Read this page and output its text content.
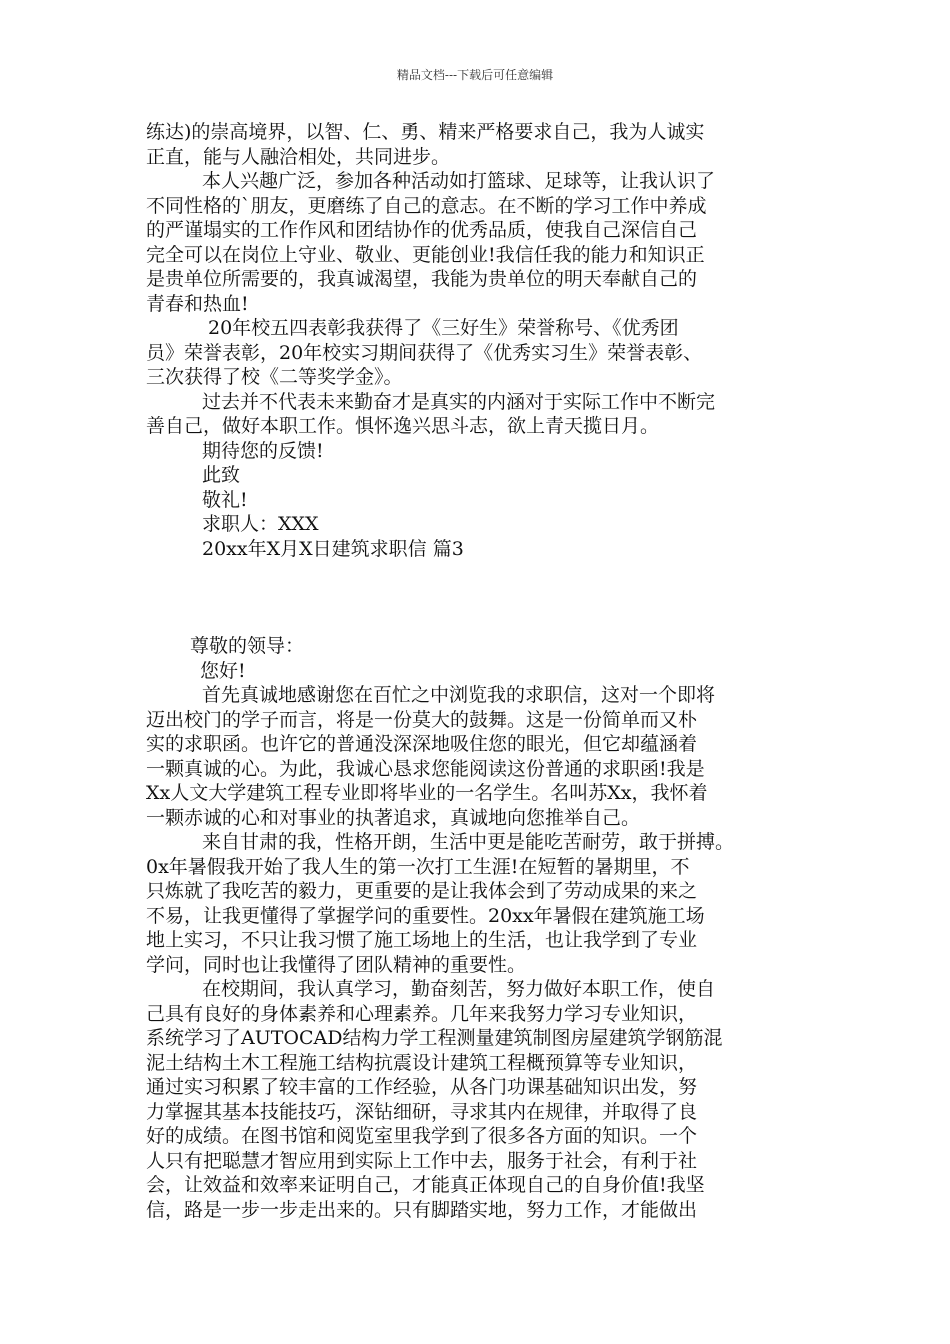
精品文档---下载后可任意编辑
练达)的崇高境界，以智、仁、勇、精来严格要求自己，我为人诚实
正直，能与人融洽相处，共同进步。
本人兴趣广泛，参加各种活动如打篮球、足球等，让我认识了
不同性格的`朋友，更磨练了自己的意志。在不断的学习工作中养成
的严谨塌实的工作作风和团结协作的优秀品质，使我自己深信自己
完全可以在岗位上守业、敬业、更能创业!我信任我的能力和知识正
是贵单位所需要的，我真诚渴望，我能为贵单位的明天奉献自己的
青春和热血!
20年校五四表彰我获得了《三好生》荣誉称号、《优秀团
员》荣誉表彰，20年校实习期间获得了《优秀实习生》荣誉表彰、
三次获得了校《二等奖学金》。
过去并不代表未来勤奋才是真实的内涵对于实际工作中不断完
善自己，做好本职工作。惧怀逸兴思斗志，欲上青天揽日月。
期待您的反馈!
此致
敬礼!
求职人：XXX
20xx年X月X日建筑求职信 篇3
尊敬的领导：
您好!
首先真诚地感谢您在百忙之中浏览我的求职信，这对一个即将
迈出校门的学子而言，将是一份莫大的鼓舞。这是一份简单而又朴
实的求职函。也许它的普通没深深地吸住您的眼光，但它却蕴涵着
一颗真诚的心。为此，我诚心恳求您能阅读这份普通的求职函!我是
Xx人文大学建筑工程专业即将毕业的一名学生。名叫苏Xx，我怀着
一颗赤诚的心和对事业的执著追求，真诚地向您推举自己。
来自甘肃的我，性格开朗，生活中更是能吃苦耐劳，敢于拼搏。
0x年暑假我开始了我人生的第一次打工生涯!在短暂的暑期里，不
只炼就了我吃苦的毅力，更重要的是让我体会到了劳动成果的来之
不易，让我更懂得了掌握学问的重要性。20xx年暑假在建筑施工场
地上实习，不只让我习惯了施工场地上的生活，也让我学到了专业
学问，同时也让我懂得了团队精神的重要性。
在校期间，我认真学习，勤奋刻苦，努力做好本职工作，使自
己具有良好的身体素养和心理素养。几年来我努力学习专业知识，
系统学习了AUTOCAD结构力学工程测量建筑制图房屋建筑学钢筋混
泥土结构土木工程施工结构抗震设计建筑工程概预算等专业知识，
通过实习积累了较丰富的工作经验，从各门功课基础知识出发，努
力掌握其基本技能技巧，深钻细研，寻求其内在规律，并取得了良
好的成绩。在图书馆和阅览室里我学到了很多各方面的知识。一个
人只有把聪慧才智应用到实际上工作中去，服务于社会，有利于社
会，让效益和效率来证明自己，才能真正体现自己的自身价值!我坚
信，路是一步一步走出来的。只有脚踏实地，努力工作，才能做出
